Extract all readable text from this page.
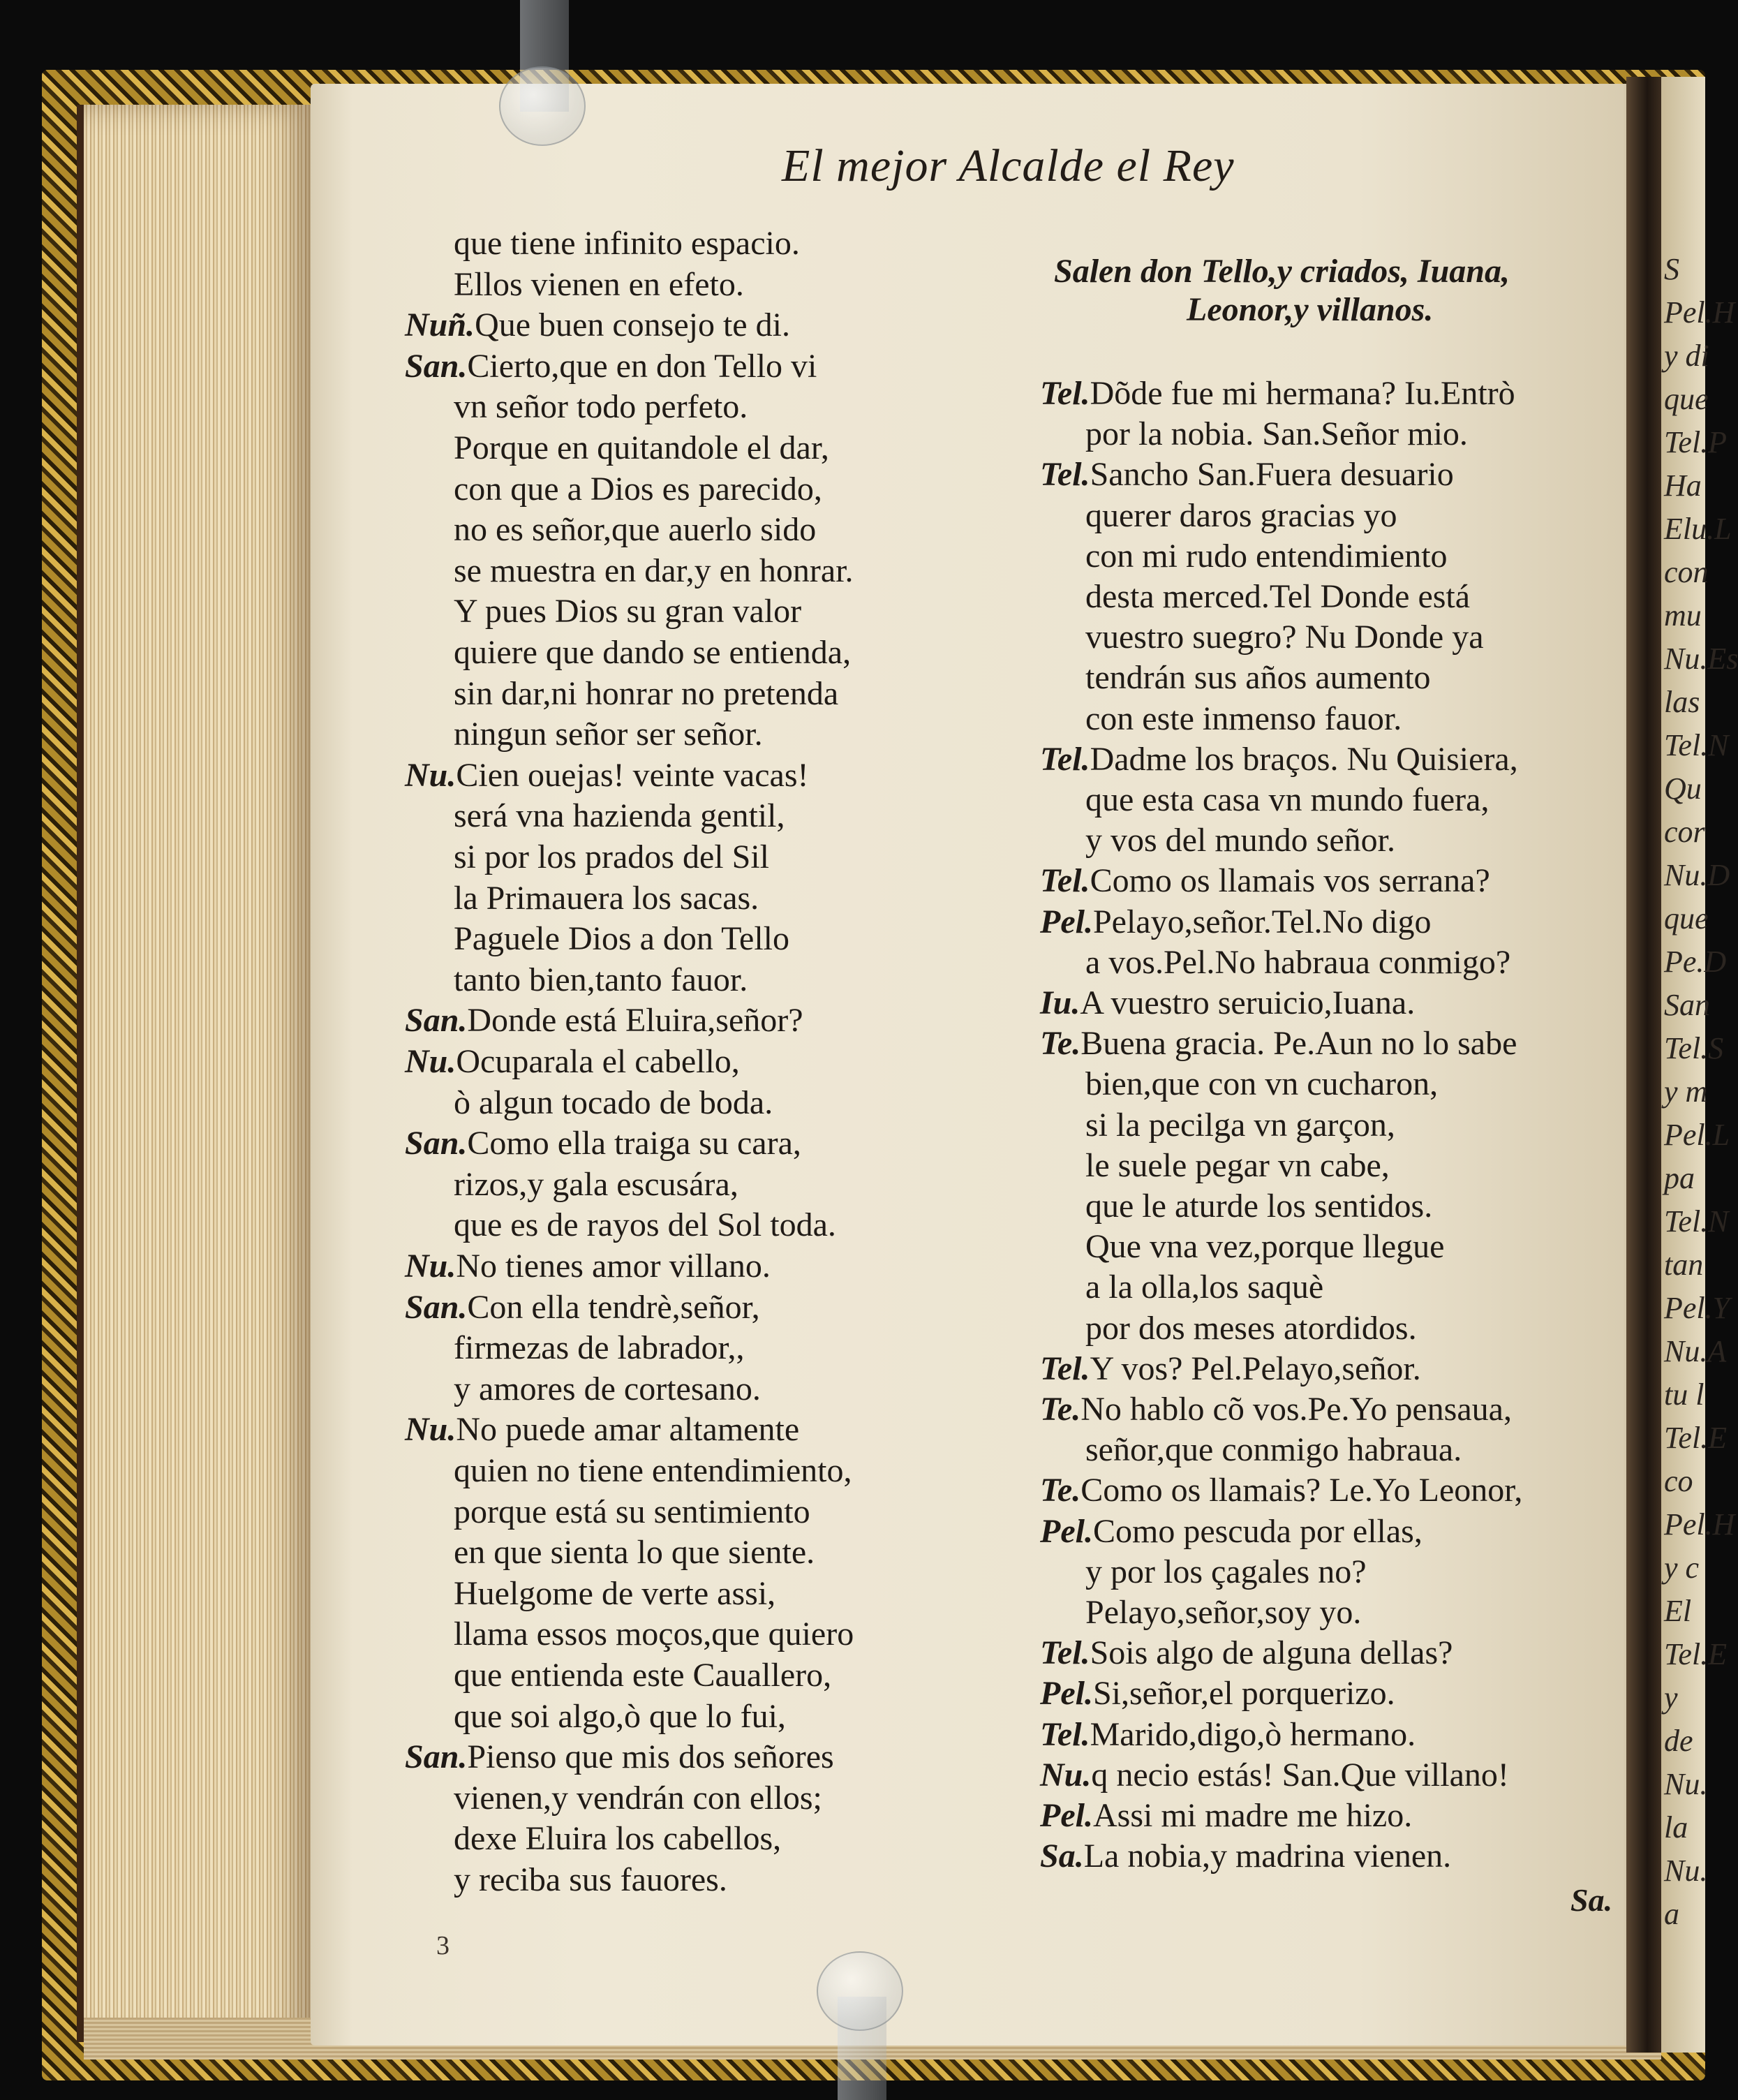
S
Pel.H
y di
que
Tel.P
Ha
Elu.L
con
mu
Nu.Es
las
Tel.N
Qu
cor
Nu.D
que
Pe.D
San
Tel.S
y m
Pel.L
pa
Tel.N
tan
Pel.Y
Nu.A
tu l
Tel.E
co
Pel.H
y c
El
Tel.E
y
de
Nu.
la
Nu.
a
El mejor Alcalde el Rey
que tiene infinito espacio.
Ellos vienen en efeto.
Nuñ.Que buen consejo te di.
San.Cierto,que en don Tello vi
vn señor todo perfeto.
Porque en quitandole el dar,
con que a Dios es parecido,
no es señor,que auerlo sido
se muestra en dar,y en honrar.
Y pues Dios su gran valor
quiere que dando se entienda,
sin dar,ni honrar no pretenda
ningun señor ser señor.
Nu.Cien ouejas! veinte vacas!
será vna hazienda gentil,
si por los prados del Sil
la Primauera los sacas.
Paguele Dios a don Tello
tanto bien,tanto fauor.
San.Donde está Eluira,señor?
Nu.Ocuparala el cabello,
ò algun tocado de boda.
San.Como ella traiga su cara,
rizos,y gala escusára,
que es de rayos del Sol toda.
Nu.No tienes amor villano.
San.Con ella tendrè,señor,
firmezas de labrador,,
y amores de cortesano.
Nu.No puede amar altamente
quien no tiene entendimiento,
porque está su sentimiento
en que sienta lo que siente.
Huelgome de verte assi,
llama essos moços,que quiero
que entienda este Cauallero,
que soi algo,ò que lo fui,
San.Pienso que mis dos señores
vienen,y vendrán con ellos;
dexe Eluira los cabellos,
y reciba sus fauores.
Salen don Tello,y criados, Iuana,
Leonor,y villanos.
Tel.Dõde fue mi hermana? Iu.Entrò
por la nobia. San.Señor mio.
Tel.Sancho San.Fuera desuario
querer daros gracias yo
con mi rudo entendimiento
desta merced.Tel Donde está
vuestro suegro? Nu Donde ya
tendrán sus años aumento
con este inmenso fauor.
Tel.Dadme los braços. Nu Quisiera,
que esta casa vn mundo fuera,
y vos del mundo señor.
Tel.Como os llamais vos serrana?
Pel.Pelayo,señor.Tel.No digo
a vos.Pel.No habraua conmigo?
Iu.A vuestro seruicio,Iuana.
Te.Buena gracia. Pe.Aun no lo sabe
bien,que con vn cucharon,
si la pecilga vn garçon,
le suele pegar vn cabe,
que le aturde los sentidos.
Que vna vez,porque llegue
a la olla,los saquè
por dos meses atordidos.
Tel.Y vos? Pel.Pelayo,señor.
Te.No hablo cõ vos.Pe.Yo pensaua,
señor,que conmigo habraua.
Te.Como os llamais? Le.Yo Leonor,
Pel.Como pescuda por ellas,
y por los çagales no?
Pelayo,señor,soy yo.
Tel.Sois algo de alguna dellas?
Pel.Si,señor,el porquerizo.
Tel.Marido,digo,ò hermano.
Nu.q necio estás! San.Que villano!
Pel.Assi mi madre me hizo.
Sa.La nobia,y madrina vienen.
3
Sa.
